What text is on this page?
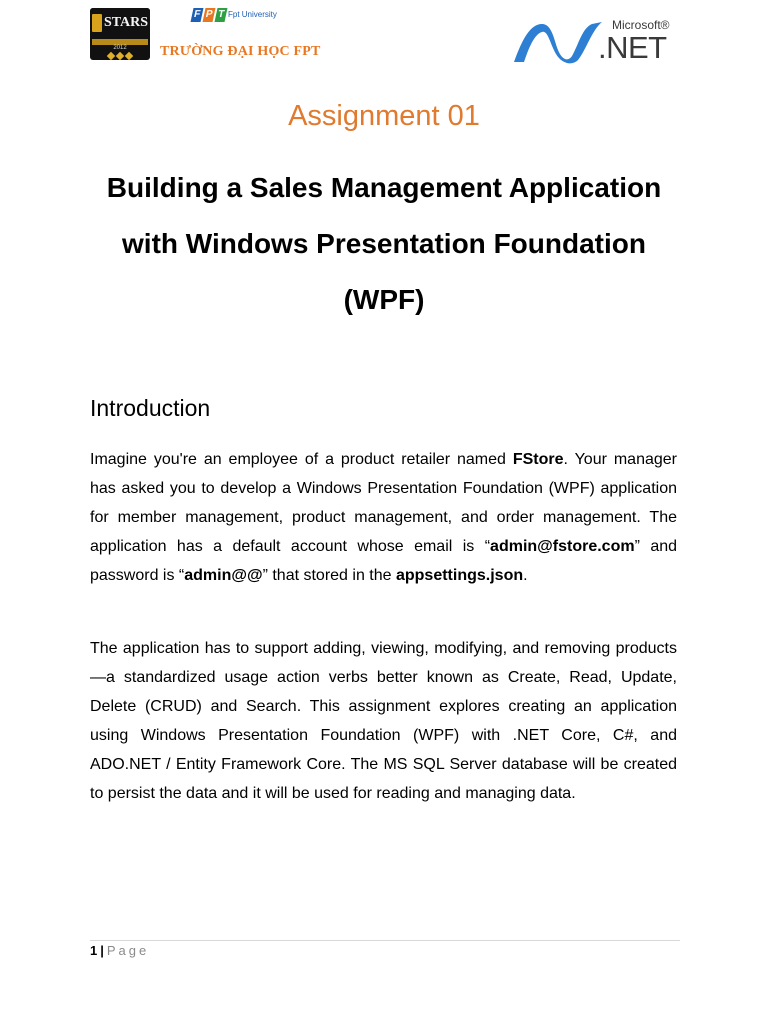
STARS
2012
F P T Fpt University
TRƯỜNG ĐẠI HỌC FPT
Microsoft®
.NET
Assignment 01
Building a Sales Management Application with Windows Presentation Foundation (WPF)
Introduction
Imagine you're an employee of a product retailer named FStore. Your manager has asked you to develop a Windows Presentation Foundation (WPF) application for member management, product management, and order management. The application has a default account whose email is “admin@fstore.com” and password is “admin@@” that stored in the appsettings.json.
The application has to support adding, viewing, modifying, and removing products—a standardized usage action verbs better known as Create, Read, Update, Delete (CRUD) and Search. This assignment explores creating an application using Windows Presentation Foundation (WPF) with .NET Core, C#, and ADO.NET / Entity Framework Core. The MS SQL Server database will be created to persist the data and it will be used for reading and managing data.
1 | Page
